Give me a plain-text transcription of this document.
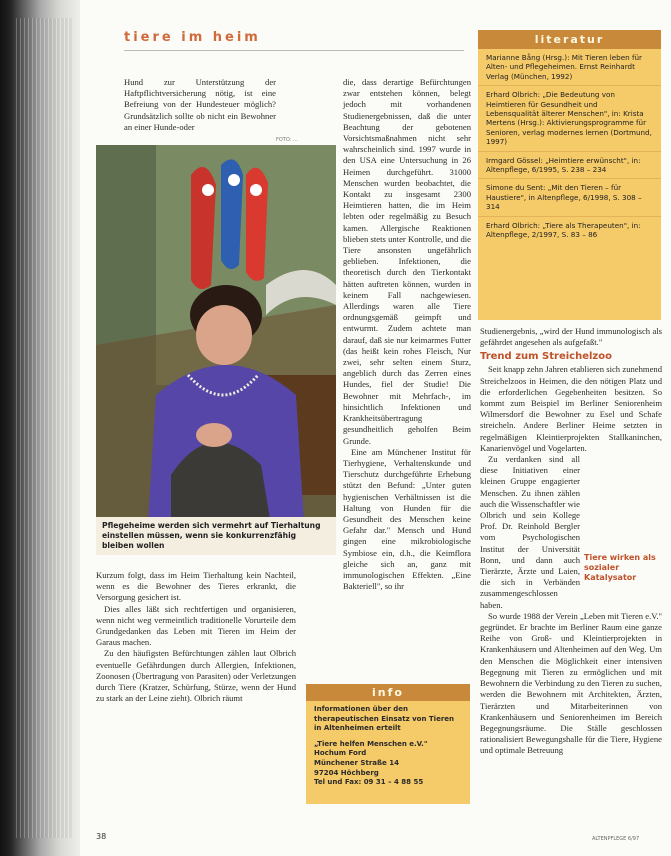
tiere im heim

Hund zur Unterstützung der Haftpflichtversicherung nötig, ist eine Befreiung von der Hundesteuer möglich? Grundsätzlich sollte ob nicht ein Bewohner an einer Hunde-oder

FOTO: ...
Pflegeheime werden sich vermehrt auf Tierhaltung einstellen müssen, wenn sie konkurrenzfähig bleiben wollen

die, dass derartige Befürchtungen zwar entstehen können, belegt jedoch mit vorhandenen Studienergebnissen, daß die unter Beachtung der gebotenen Vorsichtsmaßnahmen nicht sehr wahrscheinlich sind. 1997 wurde in den USA eine Untersuchung in 26 Heimen durchgeführt. 31000 Menschen wurden beobachtet, die Kontakt zu insgesamt 2300 Heimtieren hatten, die im Heim lebten oder regelmäßig zu Besuch kamen. Allergische Reaktionen blieben stets unter Kontrolle, und die Tiere ansonsten ungefährlich geblieben. Infektionen, die theoretisch durch den Tierkontakt hätten auftreten können, wurden in keinem Fall nachgewiesen. Allerdings waren alle Tiere ordnungsgemäß geimpft und entwurmt. Zudem achtete man darauf, daß sie nur keimarmes Futter (das heißt kein rohes Fleisch, Nur zwei, sehr selten einem Sturz, angeblich durch das Zerren eines Hundes, fiel der Studie! Die Bewohner mit Mehrfach-, im hinsichtlich Infektionen und Krankheitsübertragung gesundheitlich geholfen Beim Grunde.

Eine am Münchener Institut für Tierhygiene, Verhaltenskunde und Tierschutz durchgeführte Erhebung stützt den Befund: „Unter guten hygienischen Verhältnissen ist die Haltung von Hunden für die Gesundheit des Menschen keine Gefahr dar." Mensch und Hund gingen eine mikrobiologische Symbiose ein, d.h., die Keimflora gleiche sich an, ganz mit immunologischen Effekten. „Eine Bakteriell", so ihr

Kurzum folgt, dass im Heim Tierhaltung kein Nachteil, wenn es die Bewohner des Tieres erkrankt, die Versorgung gesichert ist.

Dies alles läßt sich rechtfertigen und organisieren, wenn nicht weg vermeintlich traditionelle Vorurteile dem Grundgedanken das Leben mit Tieren im Heim der Garaus machen.

Zu den häufigsten Befürchtungen zählen laut Olbrich eventuelle Gefährdungen durch Allergien, Infektionen, Zoonosen (Übertragung von Parasiten) oder Verletzungen durch Tiere (Kratzer, Schürfung, Stürze, wenn der Hund zu stark an der Leine zieht). Olbrich räumt

literatur
Marianne Bång (Hrsg.): Mit Tieren leben für Alten- und Pflegeheimen. Ernst Reinhardt Verlag (München, 1992)
Erhard Olbrich: „Die Bedeutung von Heimtieren für Gesundheit und Lebensqualität älterer Menschen", in: Krista Mertens (Hrsg.): Aktivierungsprogramme für Senioren, verlag modernes lernen (Dortmund, 1997)
Irmgard Gössel: „Heimtiere erwünscht", in: Altenpflege, 6/1995, S. 238 – 234
Simone du Sent: „Mit den Tieren – für Haustiere", in Altenpflege, 6/1998, S. 308 – 314
Erhard Olbrich: „Tiere als Therapeuten", in: Altenpflege, 2/1997, S. 83 – 86

Studienergebnis, „wird der Hund immunologisch als gefährdet angesehen als aufgefaßt."

Seit knapp zehn Jahren etablieren sich zunehmend Streichelzoos in Heimen, die den nötigen Platz und die erforderlichen Gegebenheiten besitzen. So kommt zum Beispiel im Berliner Seniorenheim Wilmersdorf die Bewohner zu Esel und Schafe streicheln. Andere Berliner Heime setzten in regelmäßigen Kleintierprojekten Stallkaninchen, Kanarienvögel und Vogelarten.

Zu verdanken sind all diese Initiativen einer kleinen Gruppe engagierter Menschen. Zu ihnen zählen auch die Wissenschaftler wie Olbrich und sein Kollege Prof. Dr. Reinhold Bergler vom Psychologischen Institut der Universität Bonn, und dann auch Tierärzte, Ärzte und Laien, die sich in Verbänden zusammengeschlossen haben.

So wurde 1988 der Verein „Leben mit Tieren e.V." gegründet. Er brachte im Berliner Raum eine ganze Reihe von Groß- und Kleintierprojekten in Krankenhäusern und Altenheimen auf den Weg. Um den Menschen die Möglichkeit einer intensiven Begegnung mit Tieren zu ermöglichen und mit Bewohnern die Verbindung zu den Tieren zu suchen, werden die Bewohnern mit Architekten, Ärzten, Tierärzten und Mitarbeiterinnen von Krankenhäusern und Seniorenheimen im Bereich Begegnungsräume. Die Ställe geschlossen rationalisiert Bewegungshalle für die Tiere, Hygiene und optimale Betreuung

Trend zum Streichelzoo
Tiere wirken als sozialer Katalysator
info
Informationen über den therapeutischen Einsatz von Tieren in Altenheimen erteilt
„Tiere helfen Menschen e.V."
Hochum Ford
Münchener Straße 14
97204 Höchberg
Tel und Fax: 09 31 – 4 88 55
38	ALTENPFLEGE 6/97
